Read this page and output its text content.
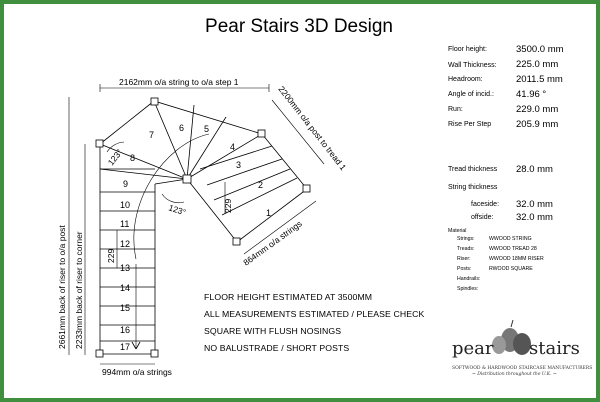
Pear Stairs 3D Design
1
2
3
4
5
6
7
8
9
10
11
12
13
14
15
16
17
2162mm o/a string to o/a step 1
2200mm o/a post to tread 1
864mm o/a strings
994mm o/a strings
2661mm back of riser to o/a post 2233mm back of riser to corner	229
229
123°
123°
Floor height:	3500.0 mm
Wall Thickness: 225.0 mm
Headroom:	2011.5 mm
Angle of incid.: 41.96 °
Run:	229.0 mm
Rise Per Step	205.9 mm
Tread thickness 28.0 mm
String thickness
faceside: 32.0 mm
offside: 32.0 mm
Material
Strings:	WWOOD STRING
Treads:	WWOOD TREAD 28
Riser:	WWOOD 18MM RISER
Posts:	RWOOD SQUARE
Handrails:
Spindles:
FLOOR HEIGHT ESTIMATED AT 3500MM
ALL MEASUREMENTS ESTIMATED / PLEASE CHECK
SQUARE WITH FLUSH NOSINGS
NO BALUSTRADE / SHORT POSTS	pear stairs
SOFTWOOD & HARDWOOD STAIRCASE MANUFACTURERS
~ Distribution throughout the U.K. ~
